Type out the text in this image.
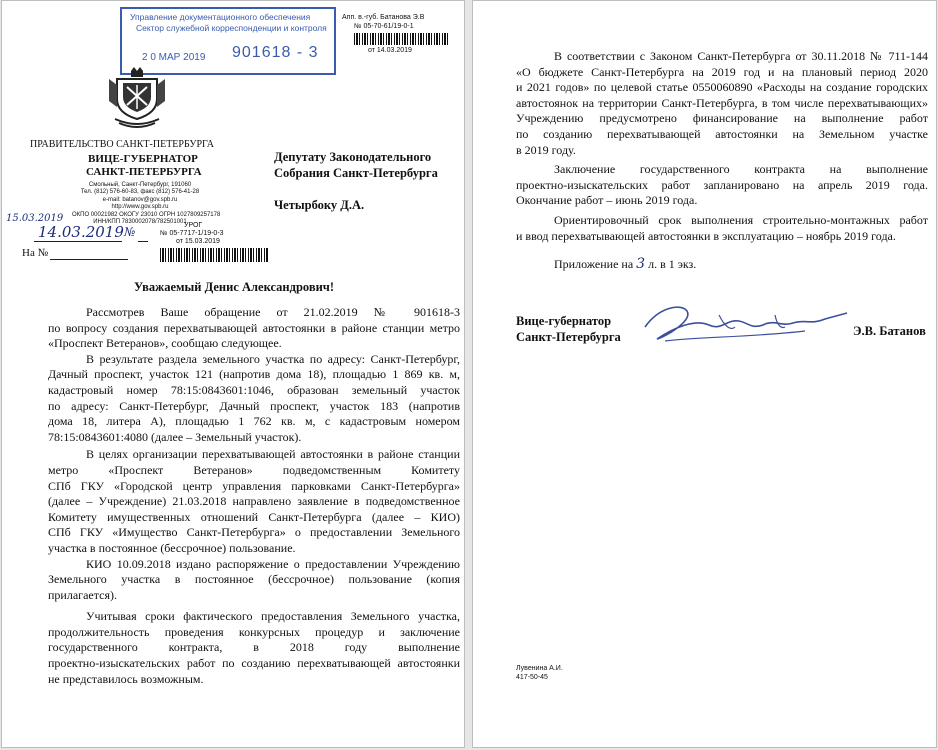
Управление документационного обеспечения
Сектор служебной корреспонденции и контроля
2 0 МАР 2019 901618 - 3
Апп. в.-губ. Батанова Э.В
№ 05-70-61/19-0-1
от 14.03.2019
ПРАВИТЕЛЬСТВО САНКТ-ПЕТЕРБУРГА
ВИЦЕ-ГУБЕРНАТОР
САНКТ-ПЕТЕРБУРГА
Смольный, Санкт-Петербург, 191060
Тел. (812) 576-60-83, факс (812) 576-41-28
e-mail: batanov@gov.spb.ru
http://www.gov.spb.ru
ОКПО 00021982 ОКОГУ 23010 ОГРН 1027809257178
ИНН/КПП 7830002078/782501001
15.03.2019
14.03.2019 №	УРОГ
№ 05-7717-1/19-0-3
от 15.03.2019
На №
Депутату Законодательного
Собрания Санкт-Петербурга
Четырбоку Д.А.
Уважаемый Денис Александрович!
Рассмотрев Ваше обращение от 21.02.2019 № 901618-3
по вопросу создания перехватывающей автостоянки в районе станции метро
«Проспект Ветеранов», сообщаю следующее.
В результате раздела земельного участка по адресу: Санкт-Петербург,
Дачный проспект, участок 121 (напротив дома 18), площадью 1 869 кв. м,
кадастровый номер 78:15:0843601:1046, образован земельный участок
по адресу: Санкт-Петербург, Дачный проспект, участок 183 (напротив
дома 18, литера А), площадью 1 762 кв. м, с кадастровым номером
78:15:0843601:4080 (далее – Земельный участок).
В целях организации перехватывающей автостоянки в районе станции
метро «Проспект Ветеранов» подведомственным Комитету
СПб ГКУ «Городской центр управления парковками Санкт-Петербурга»
(далее – Учреждение) 21.03.2018 направлено заявление в подведомственное
Комитету имущественных отношений Санкт-Петербурга (далее – КИО)
СПб ГКУ «Имущество Санкт-Петербурга» о предоставлении Земельного
участка в постоянное (бессрочное) пользование.
КИО 10.09.2018 издано распоряжение о предоставлении Учреждению
Земельного участка в постоянное (бессрочное) пользование (копия
прилагается).
Учитывая сроки фактического предоставления Земельного участка,
продолжительность проведения конкурсных процедур и заключение
государственного контракта, в 2018 году выполнение
проектно-изыскательских работ по созданию перехватывающей автостоянки
не представилось возможным.
В соответствии с Законом Санкт-Петербурга от 30.11.2018 № 711-144
«О бюджете Санкт-Петербурга на 2019 год и на плановый период 2020
и 2021 годов» по целевой статье 0550060890 «Расходы на создание городских
автостоянок на территории Санкт-Петербурга, в том числе перехватывающих»
Учреждению предусмотрено финансирование на выполнение работ
по созданию перехватывающей автостоянки на Земельном участке
в 2019 году.
Заключение государственного контракта на выполнение
проектно-изыскательских работ запланировано на апрель 2019 года.
Окончание работ – июнь 2019 года.
Ориентировочный срок выполнения строительно-монтажных работ
и ввод перехватывающей автостоянки в эксплуатацию – ноябрь 2019 года.
Приложение на 3 л. в 1 экз.
Вице-губернатор
Санкт-Петербурга	Э.В. Батанов
Лувенина А.И.
417-50-45
